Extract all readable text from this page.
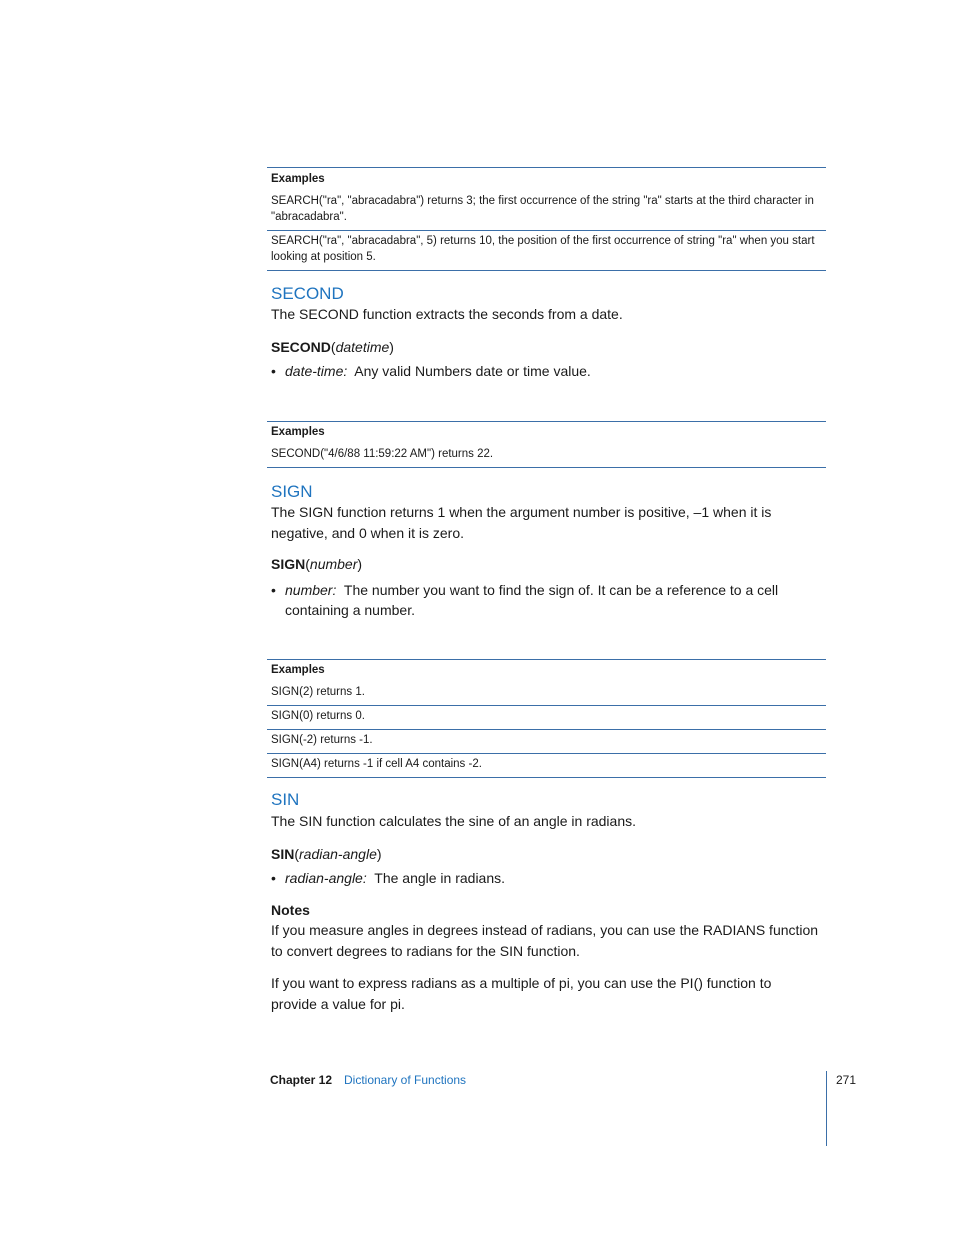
Examples
SEARCH("ra", "abracadabra") returns 3; the first occurrence of the string "ra" starts at the third character in "abracadabra".
SEARCH("ra", "abracadabra", 5) returns 10, the position of the first occurrence of string "ra" when you start looking at position 5.
SECOND
The SECOND function extracts the seconds from a date.
SECOND(datetime)
• date-time: Any valid Numbers date or time value.
Examples
SECOND("4/6/88 11:59:22 AM") returns 22.
SIGN
The SIGN function returns 1 when the argument number is positive, –1 when it is negative, and 0 when it is zero.
SIGN(number)
• number: The number you want to find the sign of. It can be a reference to a cell containing a number.
Examples
SIGN(2) returns 1.
SIGN(0) returns 0.
SIGN(-2) returns -1.
SIGN(A4) returns -1 if cell A4 contains -2.
SIN
The SIN function calculates the sine of an angle in radians.
SIN(radian-angle)
• radian-angle: The angle in radians.
Notes
If you measure angles in degrees instead of radians, you can use the RADIANS function to convert degrees to radians for the SIN function.
If you want to express radians as a multiple of pi, you can use the PI() function to provide a value for pi.
Chapter 12 Dictionary of Functions	271
